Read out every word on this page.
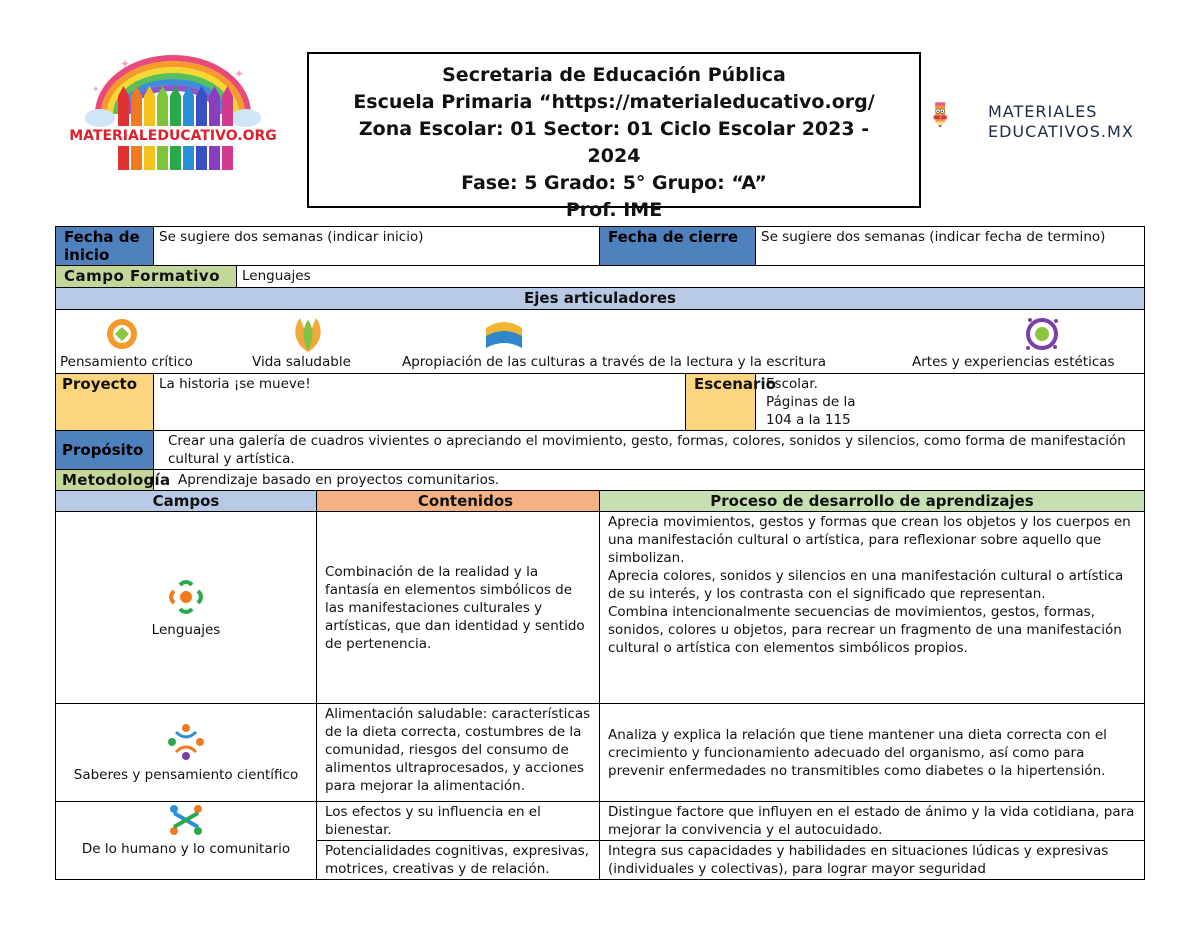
MATERIALEDUCATIVO.ORG
✦
✦
✦
Secretaria de Educación Pública
Escuela Primaria “https://materialeducativo.org/
Zona Escolar: 01 Sector: 01 Ciclo Escolar 2023 -
2024
Fase: 5 Grado: 5° Grupo: “A”
Prof. IME
MATERIALES
EDUCATIVOS.MX
Fecha de inicio	Se sugiere dos semanas (indicar inicio)			Fecha de cierre		Se sugiere dos semanas (indicar fecha de termino)
Campo Formativo		Lenguajes				
Ejes articuladores						

Pensamiento crítico Vida saludable Apropiación de las culturas a través de la lectura y la escritura Artes y experiencias estéticas						

Proyecto	La historia ¡se mueve!				Escenario	Escolar.
Páginas de la
104 a la 115

Propósito	Crear una galería de cuadros vivientes o apreciando el movimiento, gesto, formas, colores, sonidos y silencios, como forma de manifestación cultural y artística.					
Metodología	Aprendizaje basado en proyectos comunitarios.					
Campos			Contenidos	Proceso de desarrollo de aprendizajes		

Lenguajes			Combinación de la realidad y la fantasía en elementos simbólicos de las manifestaciones culturales y artísticas, que dan identidad y sentido de pertenencia.	Aprecia movimientos, gestos y formas que crean los objetos y los cuerpos en una manifestación cultural o artística, para reflexionar sobre aquello que simbolizan.
Aprecia colores, sonidos y silencios en una manifestación cultural o artística de su interés, y los contrasta con el significado que representan.
Combina intencionalmente secuencias de movimientos, gestos, formas, sonidos, colores u objetos, para recrear un fragmento de una manifestación cultural o artística con elementos simbólicos propios.		

Saberes y pensamiento científico			Alimentación saludable: características de la dieta correcta, costumbres de la comunidad, riesgos del consumo de alimentos ultraprocesados, y acciones para mejorar la alimentación.	Analiza y explica la relación que tiene mantener una dieta correcta con el crecimiento y funcionamiento adecuado del organismo, así como para prevenir enfermedades no transmitibles como diabetes o la hipertensión.		

De lo humano y lo comunitario			Los efectos y su influencia en el bienestar.	Distingue factore que influyen en el estado de ánimo y la vida cotidiana, para mejorar la convivencia y el autocuidado.		

			Potencialidades cognitivas, expresivas, motrices, creativas y de relación.	Integra sus capacidades y habilidades en situaciones lúdicas y expresivas (individuales y colectivas), para lograr mayor seguridad		
